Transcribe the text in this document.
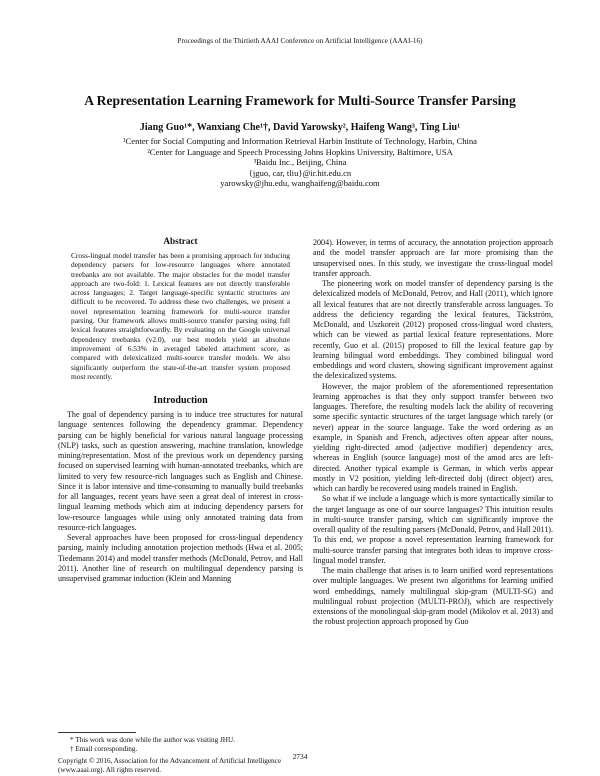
Proceedings of the Thirtieth AAAI Conference on Artificial Intelligence (AAAI-16)
A Representation Learning Framework for Multi-Source Transfer Parsing
Jiang Guo¹*, Wanxiang Che¹†, David Yarowsky², Haifeng Wang³, Ting Liu¹
¹Center for Social Computing and Information Retrieval Harbin Institute of Technology, Harbin, China
²Center for Language and Speech Processing Johns Hopkins University, Baltimore, USA
³Baidu Inc., Beijing, China
{jguo, car, tliu}@ir.hit.edu.cn
yarowsky@jhu.edu, wanghaifeng@baidu.com
Abstract
Cross-lingual model transfer has been a promising approach for inducing dependency parsers for low-resource languages where annotated treebanks are not available. The major obstacles for the model transfer approach are two-fold: 1. Lexical features are not directly transferable across languages; 2. Target language-specific syntactic structures are difficult to be recovered. To address these two challenges, we present a novel representation learning framework for multi-source transfer parsing. Our framework allows multi-source transfer parsing using full lexical features straightforwardly. By evaluating on the Google universal dependency treebanks (v2.0), our best models yield an absolute improvement of 6.53% in averaged labeled attachment score, as compared with delexicalized multi-source transfer models. We also significantly outperform the state-of-the-art transfer system proposed most recently.
Introduction

The goal of dependency parsing is to induce tree structures for natural language sentences following the dependency grammar. Dependency parsing can be highly beneficial for various natural language processing (NLP) tasks, such as question answering, machine translation, knowledge mining/representation. Most of the previous work on dependency parsing focused on supervised learning with human-annotated treebanks, which are limited to very few resource-rich languages such as English and Chinese. Since it is labor intensive and time-consuming to manually build treebanks for all languages, recent years have seen a great deal of interest in cross-lingual learning methods which aim at inducing dependency parsers for low-resource languages while using only annotated training data from resource-rich languages.

Several approaches have been proposed for cross-lingual dependency parsing, mainly including annotation projection methods (Hwa et al. 2005; Tiedemann 2014) and model transfer methods (McDonald, Petrov, and Hall 2011). Another line of research on multilingual dependency parsing is unsupervised grammar induction (Klein and Manning

2004). However, in terms of accuracy, the annotation projection approach and the model transfer approach are far more promising than the unsupervised ones. In this study, we investigate the cross-lingual model transfer approach.

The pioneering work on model transfer of dependency parsing is the delexicalized models of McDonald, Petrov, and Hall (2011), which ignore all lexical features that are not directly transferable across languages. To address the deficiency regarding the lexical features, Täckström, McDonald, and Uszkoreit (2012) proposed cross-lingual word clusters, which can be viewed as partial lexical feature representations. More recently, Guo et al. (2015) proposed to fill the lexical feature gap by learning bilingual word embeddings. They combined bilingual word embeddings and word clusters, showing significant improvement against the delexicalized systems.

However, the major problem of the aforementioned representation learning approaches is that they only support transfer between two languages. Therefore, the resulting models lack the ability of recovering some specific syntactic structures of the target language which rarely (or never) appear in the source language. Take the word ordering as an example, in Spanish and French, adjectives often appear after nouns, yielding right-directed amod (adjective modifier) dependency arcs, whereas in English (source language) most of the amod arcs are left-directed. Another typical example is German, in which verbs appear mostly in V2 position, yielding left-directed dobj (direct object) arcs, which can hardly be recovered using models trained in English.

So what if we include a language which is more syntactically similar to the target language as one of our source languages? This intuition results in multi-source transfer parsing, which can significantly improve the overall quality of the resulting parsers (McDonald, Petrov, and Hall 2011). To this end, we propose a novel representation learning framework for multi-source transfer parsing that integrates both ideas to improve cross-lingual model transfer.

The main challenge that arises is to learn unified word representations over multiple languages. We present two algorithms for learning unified word embeddings, namely multilingual skip-gram (MULTI-SG) and multilingual robust projection (MULTI-PROJ), which are respectively extensions of the monolingual skip-gram model (Mikolov et al. 2013) and the robust projection approach proposed by Guo

* This work was done while the author was visiting JHU.
† Email corresponding.
Copyright © 2016, Association for the Advancement of Artificial Intelligence (www.aaai.org). All rights reserved.
2734
